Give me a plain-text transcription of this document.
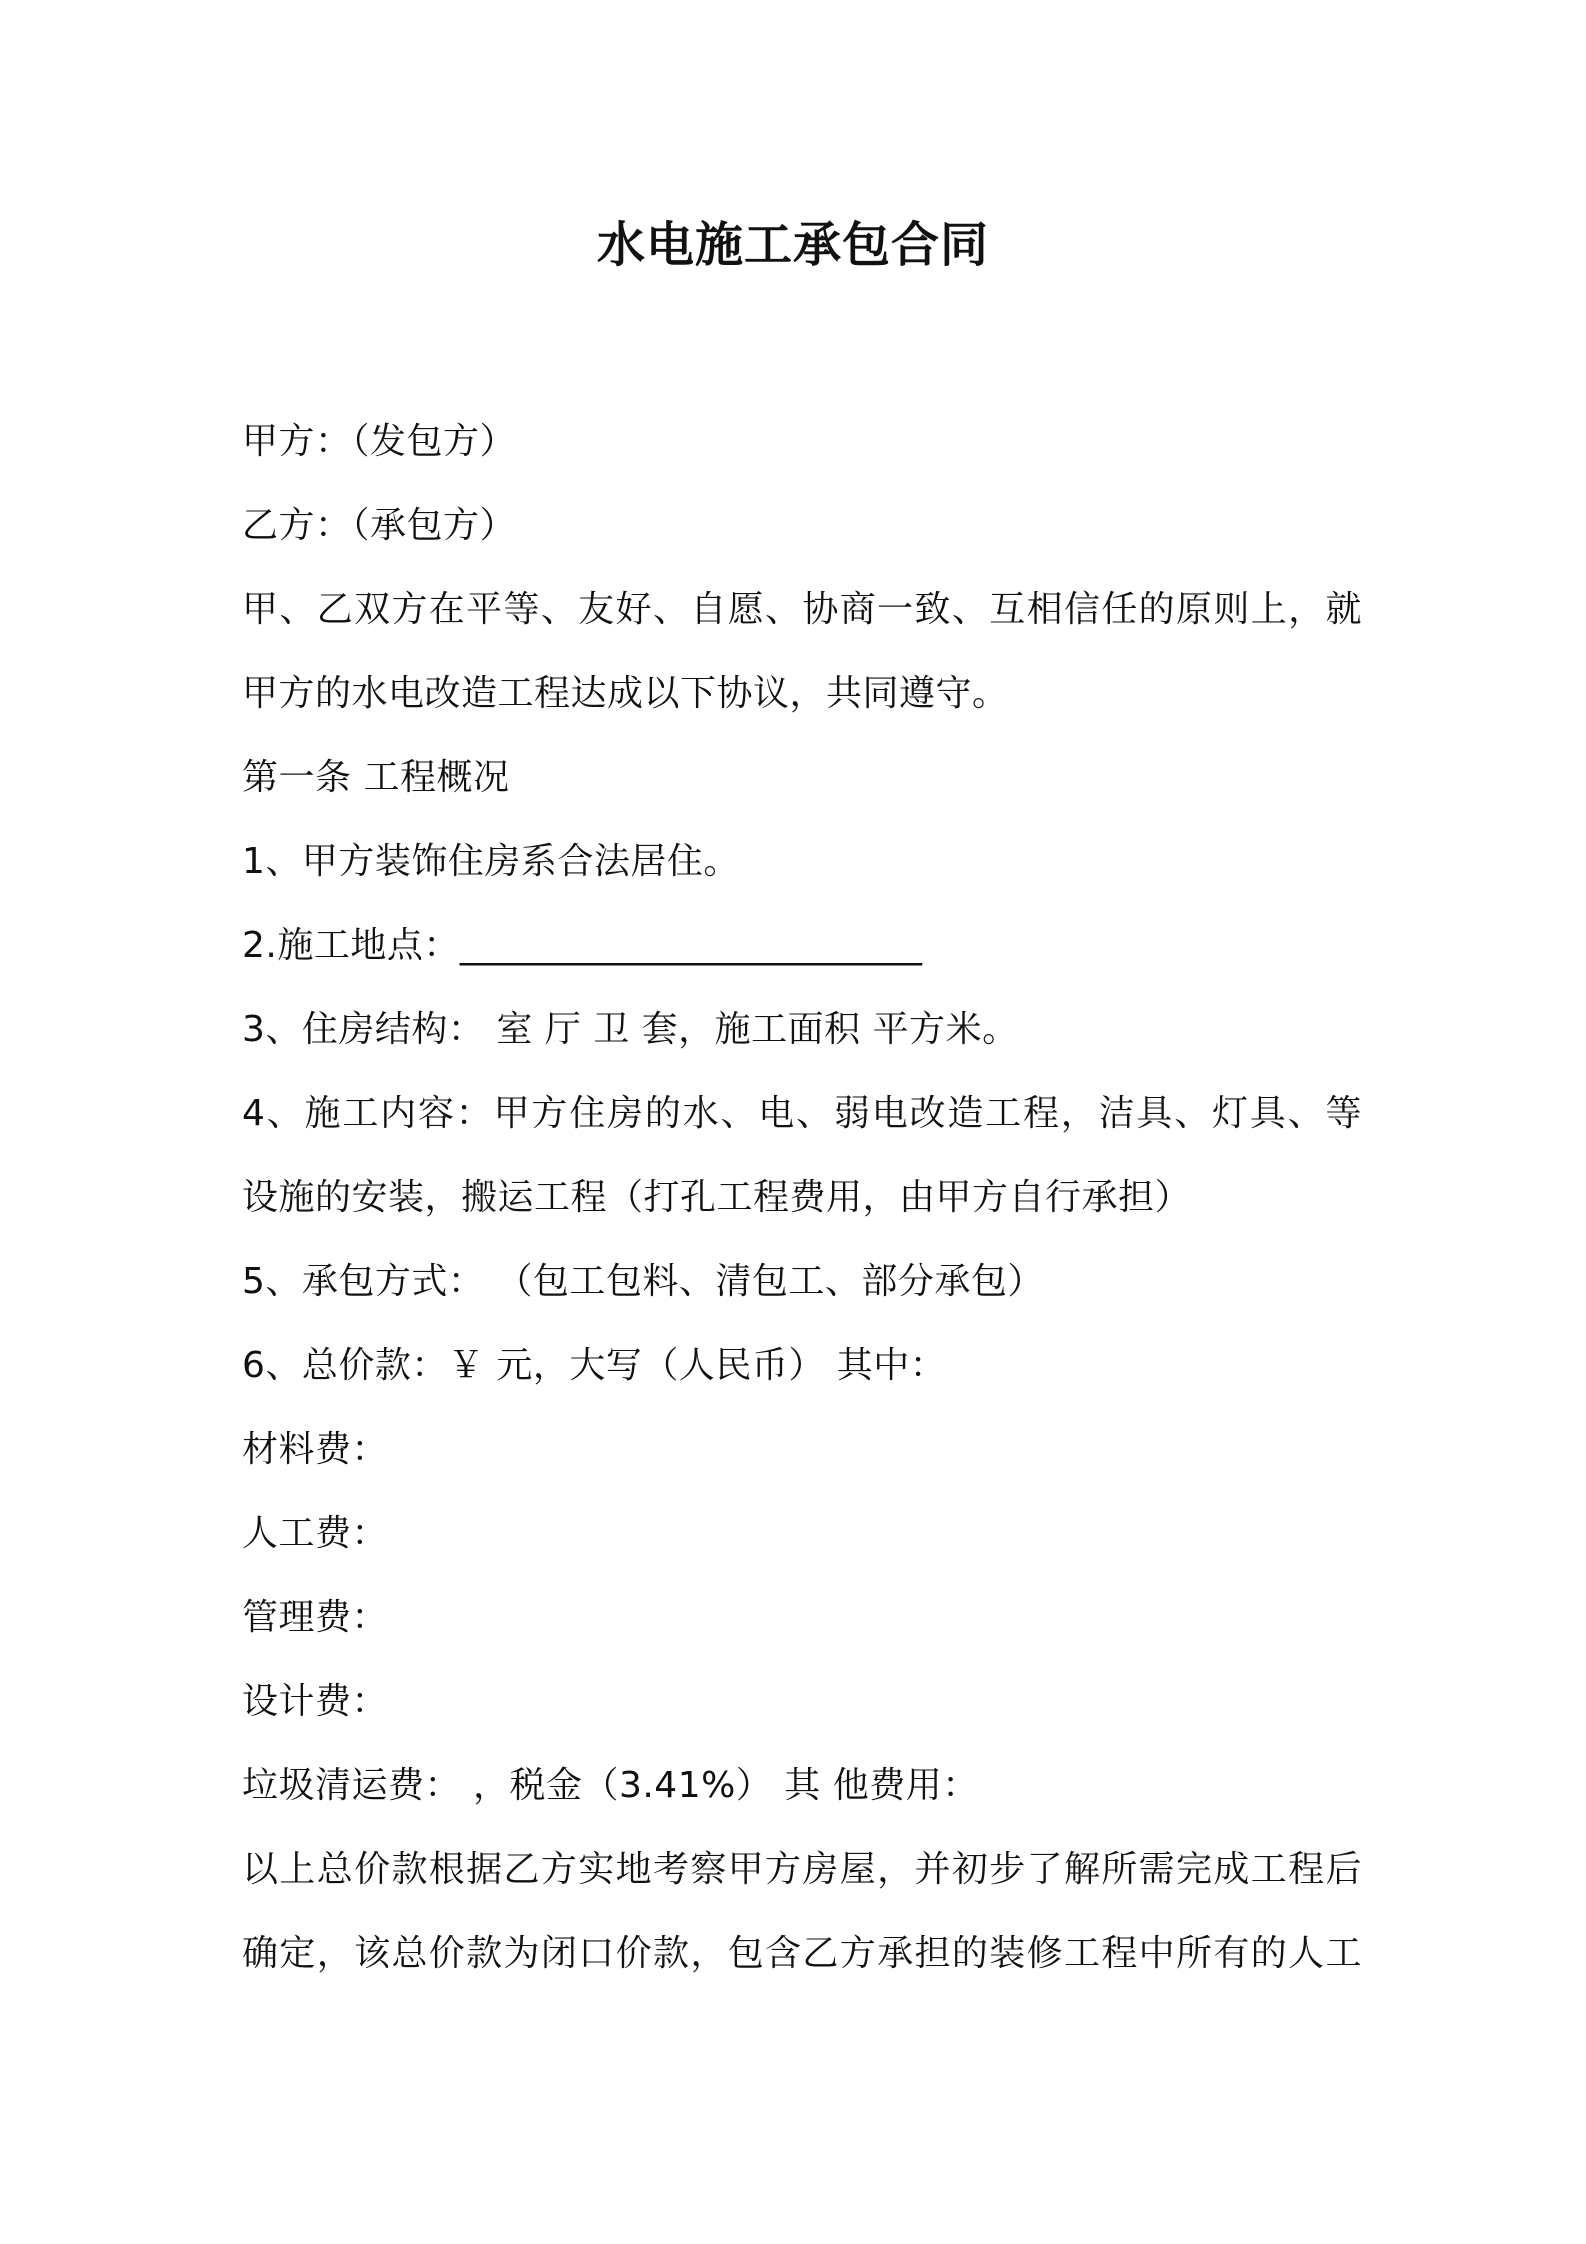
水电施工承包合同
甲方：（发包方）
乙方：（承包方）
甲、乙双方在平等、友好、自愿、协商一致、互相信任的原则上，就
甲方的水电改造工程达成以下协议，共同遵守。
第一条 工程概况
1、甲方装饰住房系合法居住。
2.施工地点：_________________________
3、住房结构： 室 厅 卫 套，施工面积 平方米。
4、施工内容：甲方住房的水、电、弱电改造工程，洁具、灯具、等
设施的安装，搬运工程（打孔工程费用，由甲方自行承担）
5、承包方式： （包工包料、清包工、部分承包）
6、总价款：￥ 元，大写（人民币） 其中：
材料费：
人工费：
管理费：
设计费：
垃圾清运费： ，税金（3.41%） 其 他费用：
以上总价款根据乙方实地考察甲方房屋，并初步了解所需完成工程后
确定，该总价款为闭口价款，包含乙方承担的装修工程中所有的人工
